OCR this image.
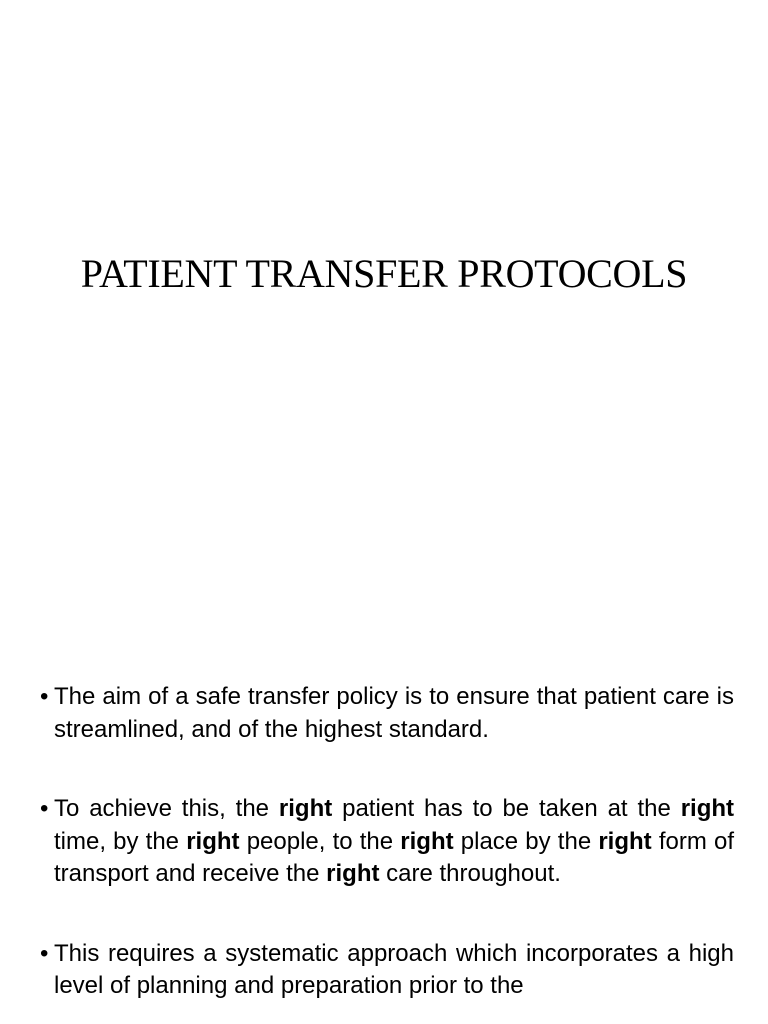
PATIENT TRANSFER PROTOCOLS
• The aim of a safe transfer policy is to ensure that patient care is streamlined, and of the highest standard.
• To achieve this, the right patient has to be taken at the right time, by the right people, to the right place by the right form of transport and receive the right care throughout.
• This requires a systematic approach which incorporates a high level of planning and preparation prior to the
